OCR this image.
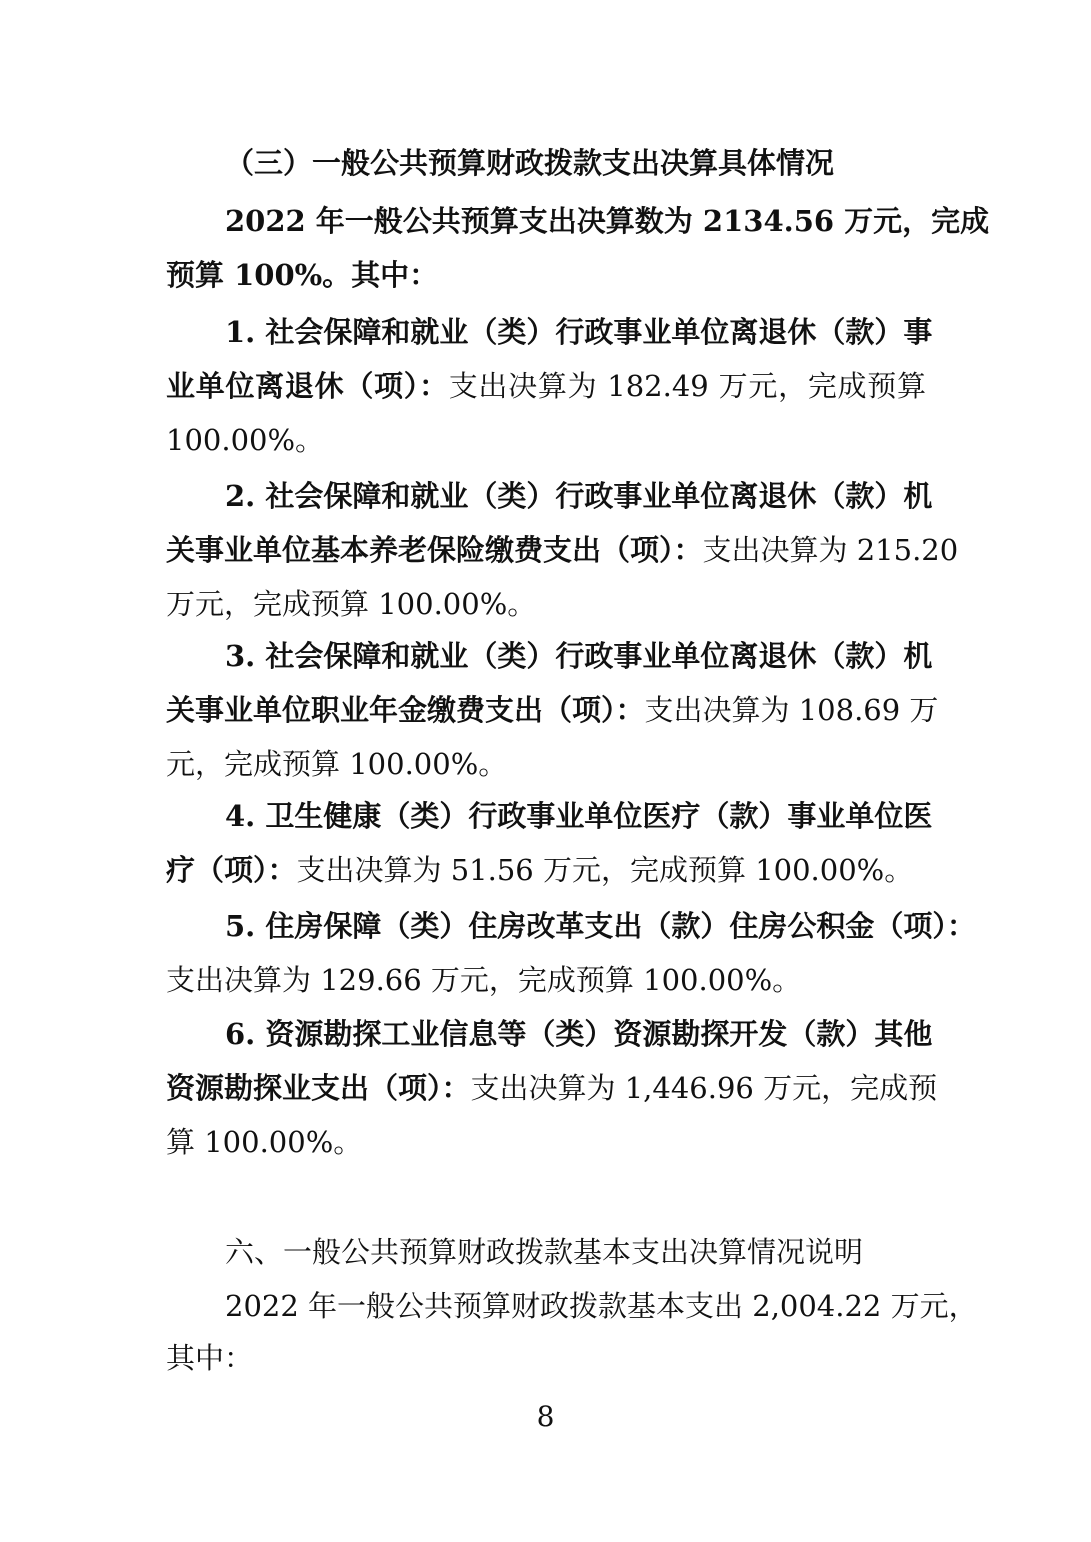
（三）一般公共预算财政拨款支出决算具体情况
2022 年一般公共预算支出决算数为 2134.56 万元，完成
预算 100%。其中：
1. 社会保障和就业（类）行政事业单位离退休（款）事
业单位离退休（项）：支出决算为 182.49 万元，完成预算
100.00%。
2. 社会保障和就业（类）行政事业单位离退休（款）机
关事业单位基本养老保险缴费支出（项）：支出决算为 215.20
万元，完成预算 100.00%。
3. 社会保障和就业（类）行政事业单位离退休（款）机
关事业单位职业年金缴费支出（项）：支出决算为 108.69 万
元，完成预算 100.00%。
4. 卫生健康（类）行政事业单位医疗（款）事业单位医
疗（项）：支出决算为 51.56 万元，完成预算 100.00%。
5. 住房保障（类）住房改革支出（款）住房公积金（项）：
支出决算为 129.66 万元，完成预算 100.00%。
6. 资源勘探工业信息等（类）资源勘探开发（款）其他
资源勘探业支出（项）：支出决算为 1,446.96 万元，完成预
算 100.00%。
六、一般公共预算财政拨款基本支出决算情况说明
2022 年一般公共预算财政拨款基本支出 2,004.22 万元，
其中：
8
